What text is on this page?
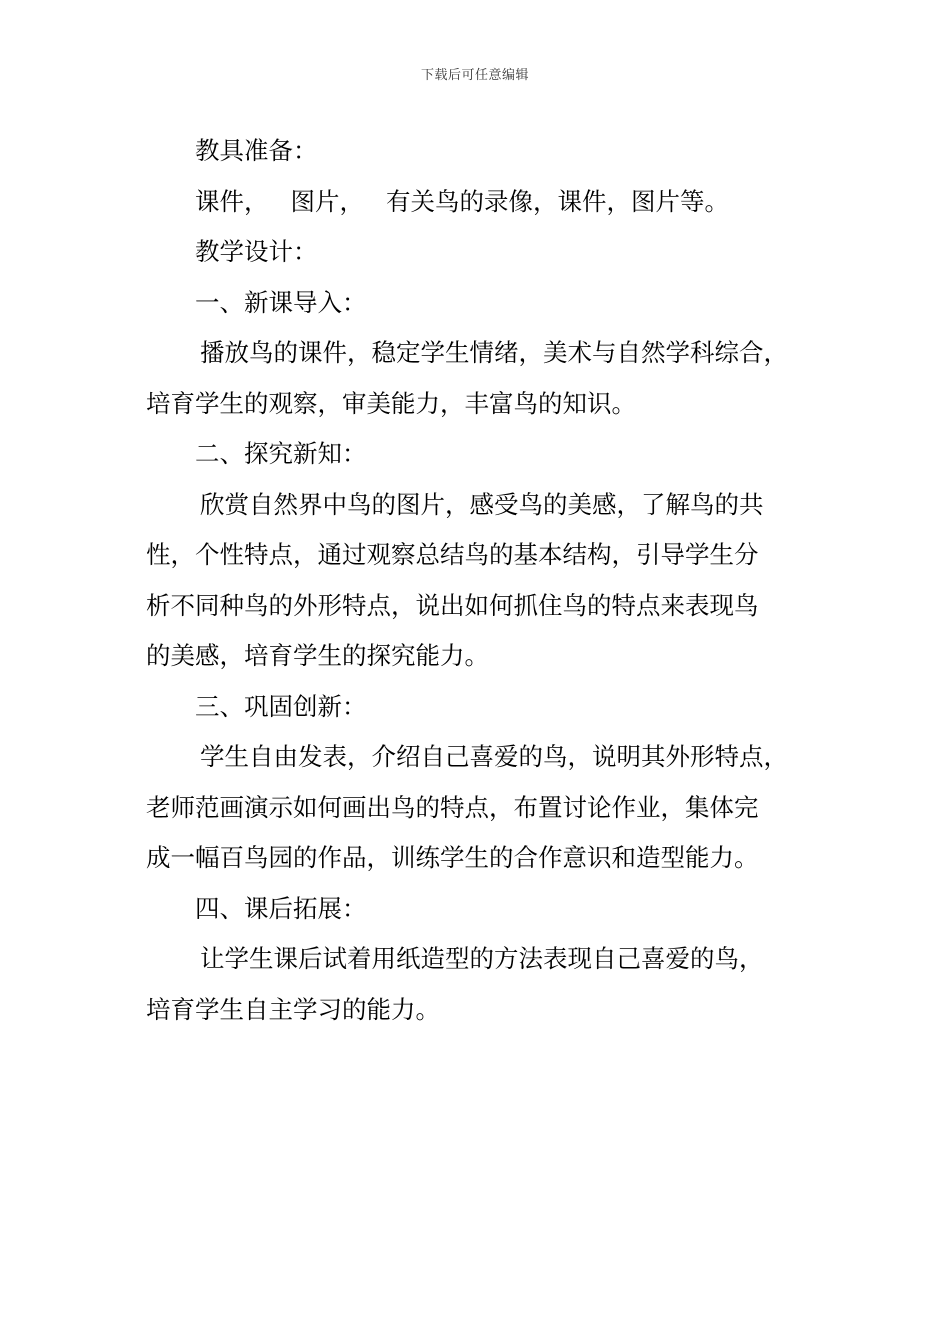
下载后可任意编辑
教具准备：
课件， 图片， 有关鸟的录像，课件，图片等。
教学设计：
一、新课导入：
播放鸟的课件，稳定学生情绪，美术与自然学科综合，
培育学生的观察，审美能力，丰富鸟的知识。
二、探究新知：
欣赏自然界中鸟的图片，感受鸟的美感，了解鸟的共
性，个性特点，通过观察总结鸟的基本结构，引导学生分
析不同种鸟的外形特点，说出如何抓住鸟的特点来表现鸟
的美感，培育学生的探究能力。
三、巩固创新：
学生自由发表，介绍自己喜爱的鸟，说明其外形特点，
老师范画演示如何画出鸟的特点，布置讨论作业，集体完
成一幅百鸟园的作品，训练学生的合作意识和造型能力。
四、课后拓展：
让学生课后试着用纸造型的方法表现自己喜爱的鸟，
培育学生自主学习的能力。
